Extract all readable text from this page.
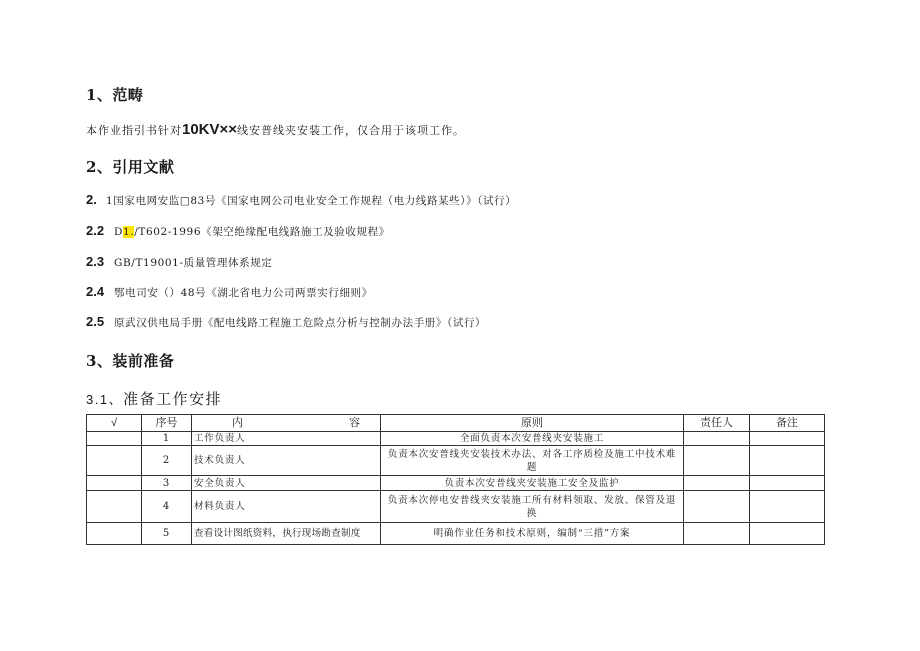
1、范畴
本作业指引书针对10KV××线安普线夹安装工作，仅合用于该项工作。
2、引用文献
2. 1国家电网安监□83号《国家电网公司电业安全工作规程（电力线路某些）》（试行）
2.2 D1./T602-1996《架空绝缘配电线路施工及验收规程》
2.3 GB/T19001-质量管理体系规定
2.4 鄂电司安（）48号《湖北省电力公司两票实行细则》
2.5 原武汉供电局手册《配电线路工程施工危险点分析与控制办法手册》（试行）
3、装前准备
3.1、准备工作安排
√	序号	内 容	原则	责任人	备注
	1	工作负责人	全面负责本次安普线夹安装施工		
	2	技术负责人	负责本次安普线夹安装技术办法、对各工序质检及施工中技术难题		
	3	安全负责人	负责本次安普线夹安装施工安全及监护		
	4	材料负责人	负责本次停电安普线夹安装施工所有材料领取、发放、保管及退换		
	5	查看设计图纸资料，执行现场勘查制度	明确作业任务和技术原则，编制“三措”方案		
